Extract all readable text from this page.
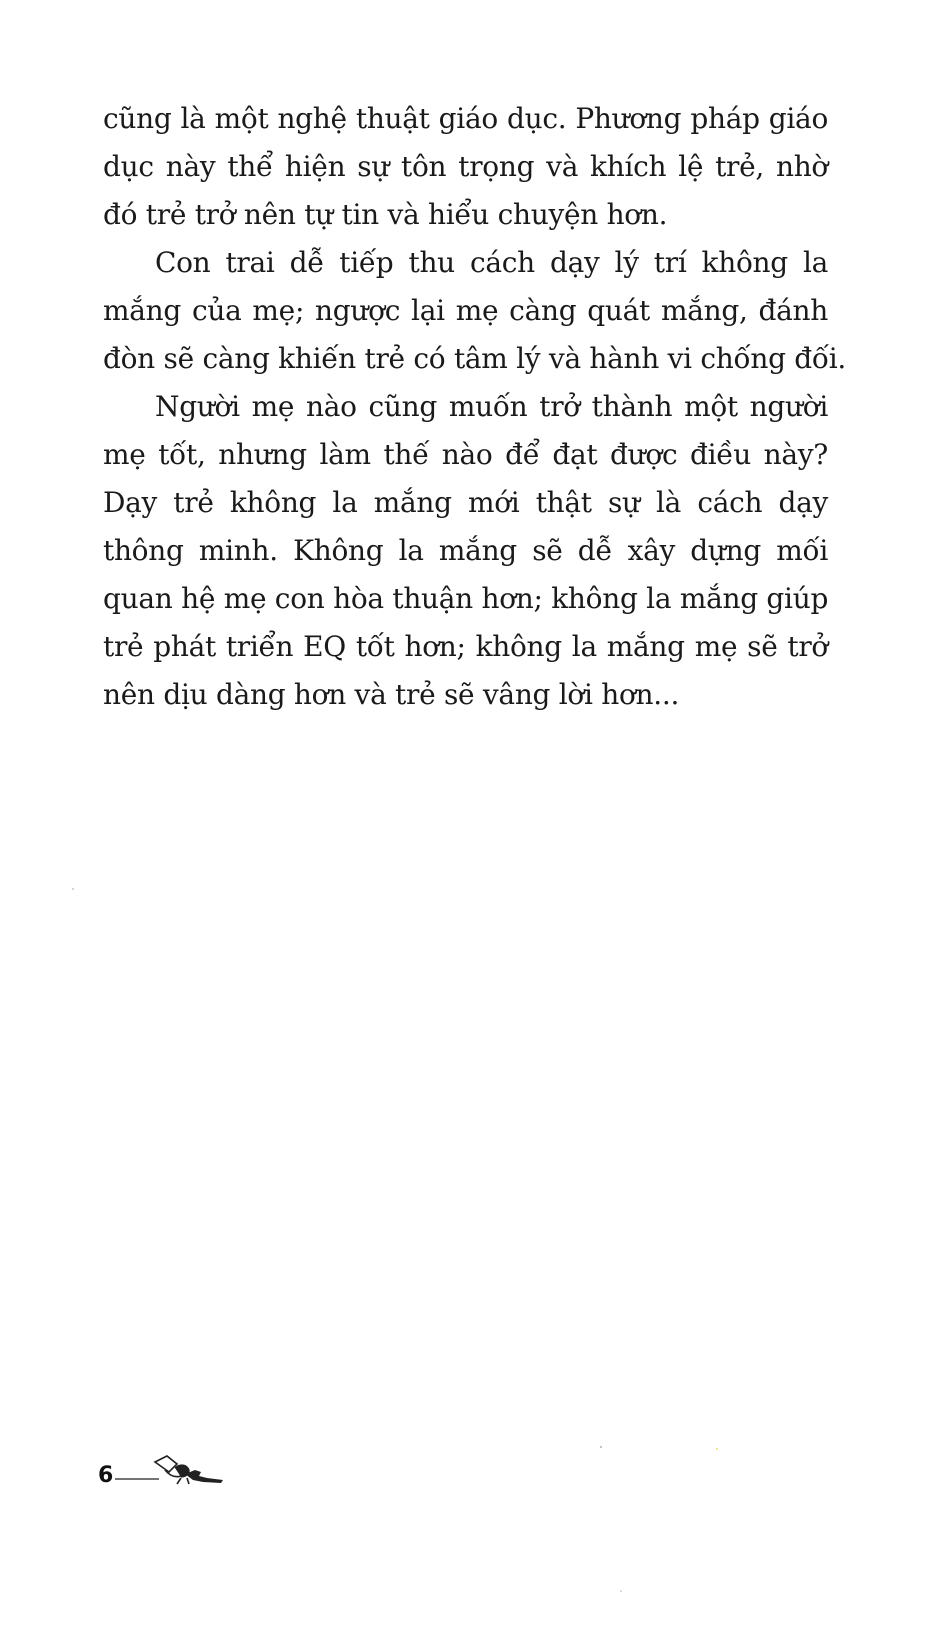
cũng là một nghệ thuật giáo dục. Phương pháp giáo
dục này thể hiện sự tôn trọng và khích lệ trẻ, nhờ
đó trẻ trở nên tự tin và hiểu chuyện hơn.
Con trai dễ tiếp thu cách dạy lý trí không la
mắng của mẹ; ngược lại mẹ càng quát mắng, đánh
đòn sẽ càng khiến trẻ có tâm lý và hành vi chống đối.
Người mẹ nào cũng muốn trở thành một người
mẹ tốt, nhưng làm thế nào để đạt được điều này?
Dạy trẻ không la mắng mới thật sự là cách dạy
thông minh. Không la mắng sẽ dễ xây dựng mối
quan hệ mẹ con hòa thuận hơn; không la mắng giúp
trẻ phát triển EQ tốt hơn; không la mắng mẹ sẽ trở
nên dịu dàng hơn và trẻ sẽ vâng lời hơn...
6
